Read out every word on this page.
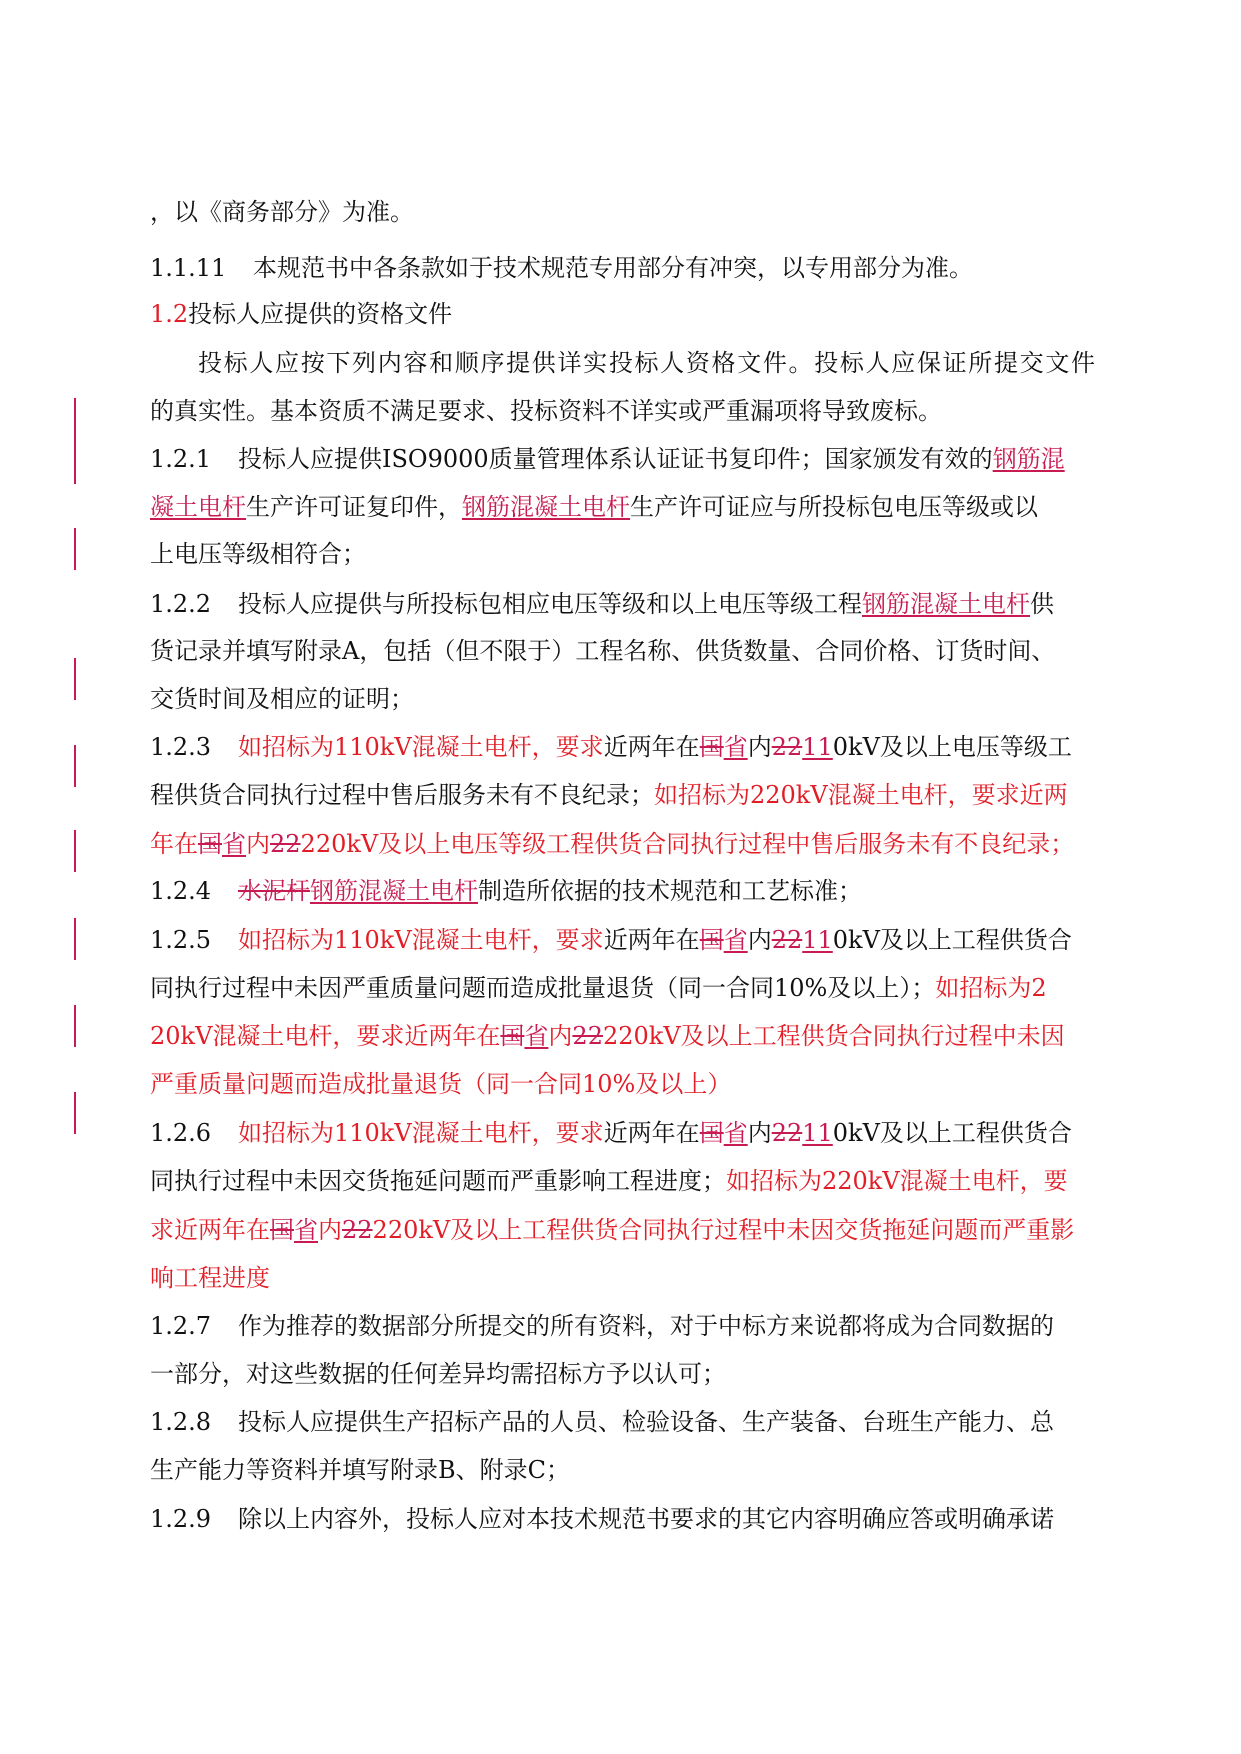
，以《商务部分》为准。
1.1.11 本规范书中各条款如于技术规范专用部分有冲突，以专用部分为准。
1.2投标人应提供的资格文件
投标人应按下列内容和顺序提供详实投标人资格文件。投标人应保证所提交文件
的真实性。基本资质不满足要求、投标资料不详实或严重漏项将导致废标。
1.2.1 投标人应提供ISO9000质量管理体系认证证书复印件；国家颁发有效的钢筋混
凝土电杆生产许可证复印件，钢筋混凝土电杆生产许可证应与所投标包电压等级或以
上电压等级相符合；
1.2.2 投标人应提供与所投标包相应电压等级和以上电压等级工程钢筋混凝土电杆供
货记录并填写附录A，包括（但不限于）工程名称、供货数量、合同价格、订货时间、
交货时间及相应的证明；
1.2.3 如招标为110kV混凝土电杆，要求近两年在国省内22110kV及以上电压等级工
程供货合同执行过程中售后服务未有不良纪录；如招标为220kV混凝土电杆，要求近两
年在国省内22220kV及以上电压等级工程供货合同执行过程中售后服务未有不良纪录；
1.2.4 水泥杆钢筋混凝土电杆制造所依据的技术规范和工艺标准；
1.2.5 如招标为110kV混凝土电杆，要求近两年在国省内22110kV及以上工程供货合
同执行过程中未因严重质量问题而造成批量退货（同一合同10%及以上）；如招标为2
20kV混凝土电杆，要求近两年在国省内22220kV及以上工程供货合同执行过程中未因
严重质量问题而造成批量退货（同一合同10%及以上）
1.2.6 如招标为110kV混凝土电杆，要求近两年在国省内22110kV及以上工程供货合
同执行过程中未因交货拖延问题而严重影响工程进度；如招标为220kV混凝土电杆，要
求近两年在国省内22220kV及以上工程供货合同执行过程中未因交货拖延问题而严重影
响工程进度
1.2.7 作为推荐的数据部分所提交的所有资料，对于中标方来说都将成为合同数据的
一部分，对这些数据的任何差异均需招标方予以认可；
1.2.8 投标人应提供生产招标产品的人员、检验设备、生产装备、台班生产能力、总
生产能力等资料并填写附录B、附录C；
1.2.9 除以上内容外，投标人应对本技术规范书要求的其它内容明确应答或明确承诺
